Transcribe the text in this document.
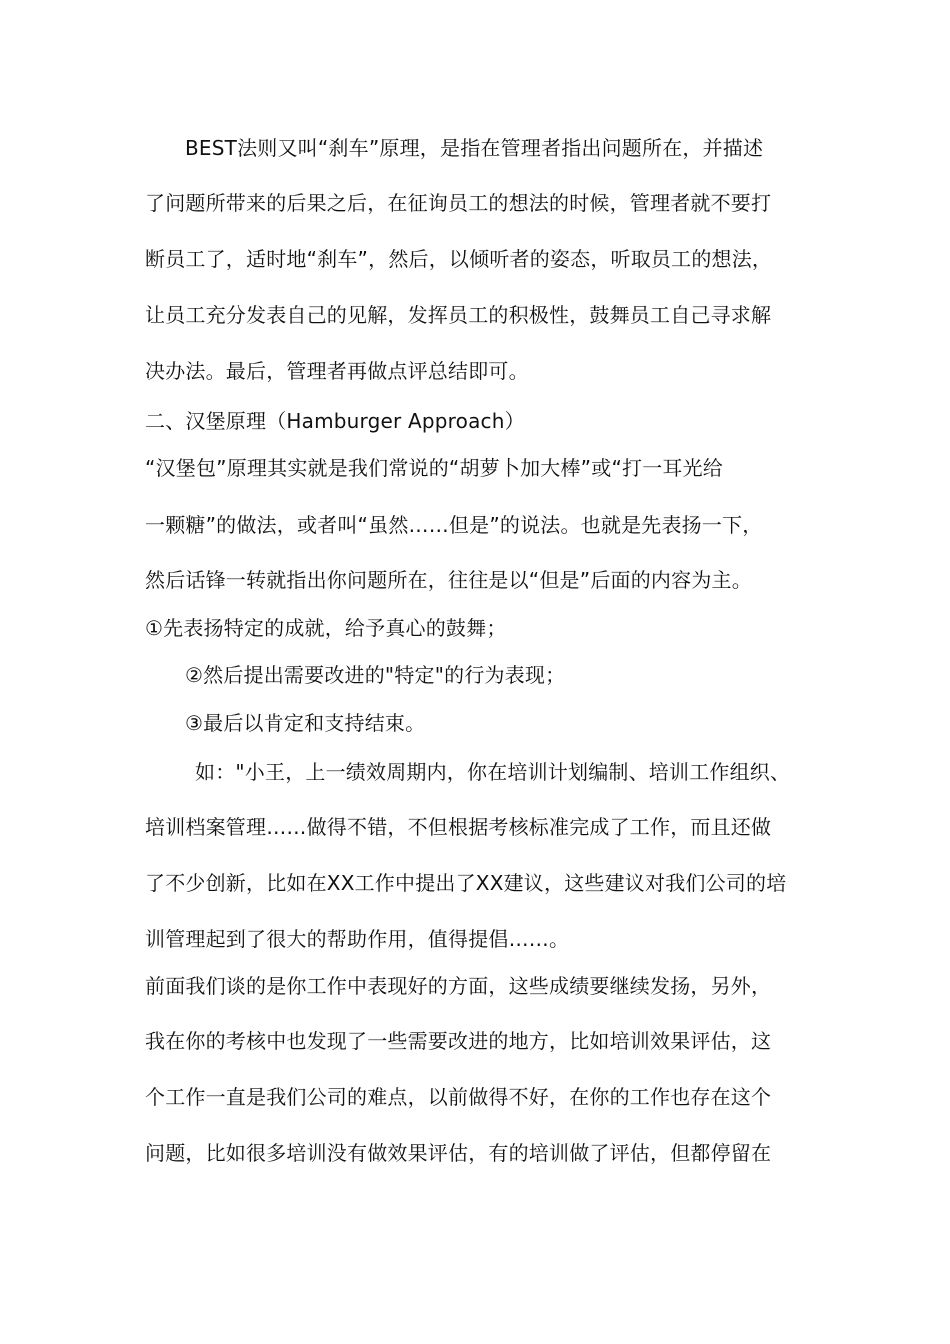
BEST法则又叫“刹车”原理，是指在管理者指出问题所在，并描述
了问题所带来的后果之后，在征询员工的想法的时候，管理者就不要打
断员工了，适时地“刹车”，然后，以倾听者的姿态，听取员工的想法，
让员工充分发表自己的见解，发挥员工的积极性，鼓舞员工自己寻求解
决办法。最后，管理者再做点评总结即可。
二、汉堡原理（Hamburger Approach）
“汉堡包”原理其实就是我们常说的“胡萝卜加大棒”或“打一耳光给
一颗糖”的做法，或者叫“虽然……但是”的说法。也就是先表扬一下，
然后话锋一转就指出你问题所在，往往是以“但是”后面的内容为主。
①先表扬特定的成就，给予真心的鼓舞；
②然后提出需要改进的"特定"的行为表现；
③最后以肯定和支持结束。
如："小王，上一绩效周期内，你在培训计划编制、培训工作组织、
培训档案管理……做得不错，不但根据考核标准完成了工作，而且还做
了不少创新，比如在XX工作中提出了XX建议，这些建议对我们公司的培
训管理起到了很大的帮助作用，值得提倡……。
前面我们谈的是你工作中表现好的方面，这些成绩要继续发扬，另外，
我在你的考核中也发现了一些需要改进的地方，比如培训效果评估，这
个工作一直是我们公司的难点，以前做得不好，在你的工作也存在这个
问题，比如很多培训没有做效果评估，有的培训做了评估，但都停留在
